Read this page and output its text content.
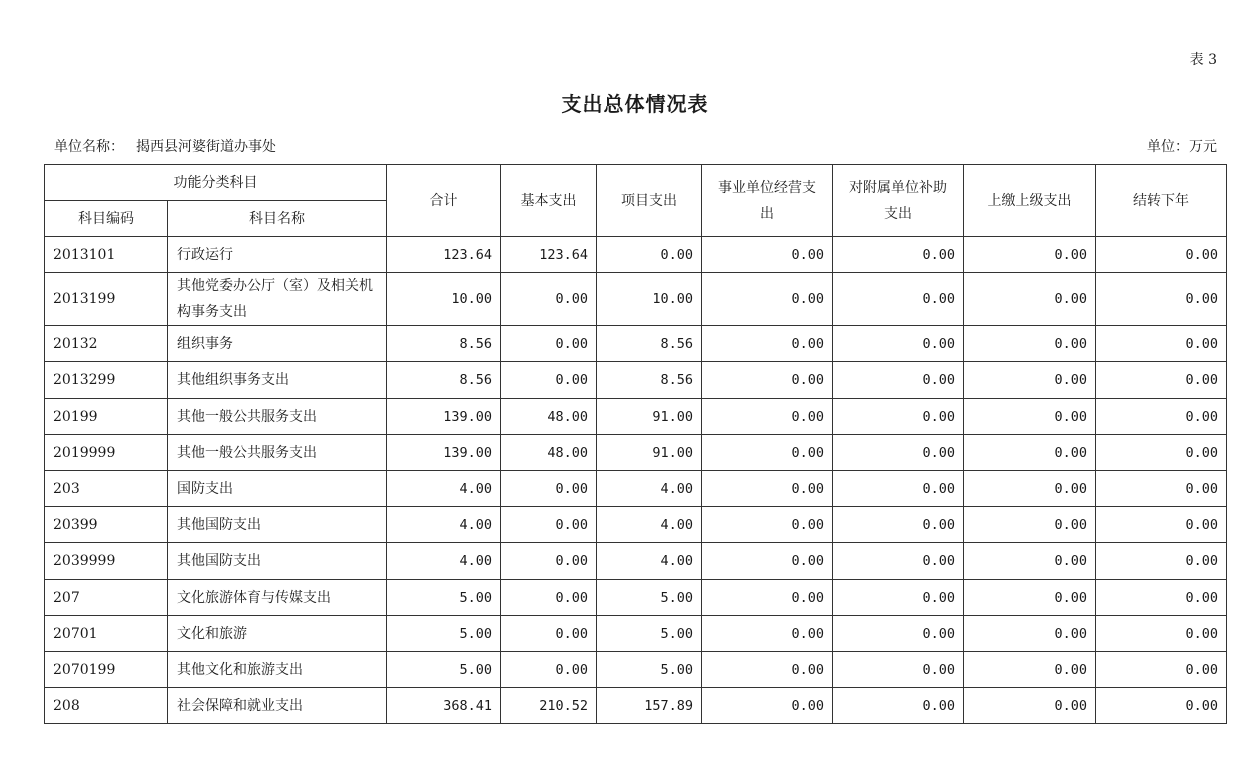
表 3
支出总体情况表
单位名称： 揭西县河婆街道办事处	单位：万元
功能分类科目		合计	基本支出	项目支出	事业单位经营支出	对附属单位补助支出	上缴上级支出	结转下年
科目编码	科目名称							
2013101	行政运行	123.64	123.64	0.00	0.00	0.00	0.00	0.00
2013199	其他党委办公厅（室）及相关机构事务支出	10.00	0.00	10.00	0.00	0.00	0.00	0.00
20132	组织事务	8.56	0.00	8.56	0.00	0.00	0.00	0.00
2013299	其他组织事务支出	8.56	0.00	8.56	0.00	0.00	0.00	0.00
20199	其他一般公共服务支出	139.00	48.00	91.00	0.00	0.00	0.00	0.00
2019999	其他一般公共服务支出	139.00	48.00	91.00	0.00	0.00	0.00	0.00
203	国防支出	4.00	0.00	4.00	0.00	0.00	0.00	0.00
20399	其他国防支出	4.00	0.00	4.00	0.00	0.00	0.00	0.00
2039999	其他国防支出	4.00	0.00	4.00	0.00	0.00	0.00	0.00
207	文化旅游体育与传媒支出	5.00	0.00	5.00	0.00	0.00	0.00	0.00
20701	文化和旅游	5.00	0.00	5.00	0.00	0.00	0.00	0.00
2070199	其他文化和旅游支出	5.00	0.00	5.00	0.00	0.00	0.00	0.00
208	社会保障和就业支出	368.41	210.52	157.89	0.00	0.00	0.00	0.00
